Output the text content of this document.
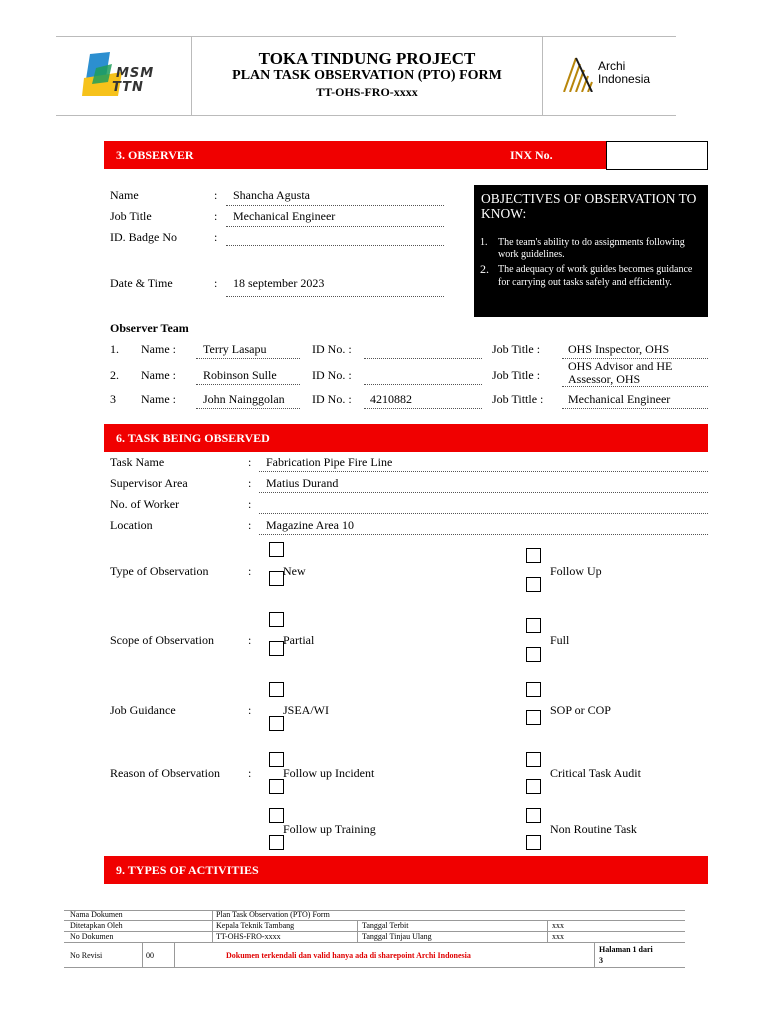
MSM
TTN
TOKA TINDUNG PROJECT
PLAN TASK OBSERVATION (PTO) FORM
TT-OHS-FRO-xxxx
Archi
Indonesia
3. OBSERVER	INX No.
Name	: Shancha Agusta
Job Title	: Mechanical Engineer
ID. Badge No	:
Date & Time	: 18 september 2023
OBJECTIVES OF OBSERVATION TO KNOW:
1. The team's ability to do assignments following work guidelines.
2. The adequacy of work guides becomes guidance for carrying out tasks safely and efficiently.
Observer Team
1. Name : Terry Lasapu	ID No. :	Job Title : OHS Inspector, OHS
2. Name : Robinson Sulle	ID No. :	Job Title :
OHS Advisor and HE Assessor, OHS
3 Name : John Nainggolan ID No. : 4210882	Job Tittle : Mechanical Engineer
6. TASK BEING OBSERVED
Task Name	: Fabrication Pipe Fire Line
Supervisor Area	: Matius Durand
No. of Worker	:
Location	: Magazine Area 10
Type of Observation	:	New	Follow Up
Scope of Observation	:	Partial	Full
Job Guidance	:	JSEA/WI	SOP or COP
Reason of Observation :	Follow up Incident	Critical Task Audit
Follow up Training	Non Routine Task
9. TYPES OF ACTIVITIES
Nama Dokumen	Plan Task Observation (PTO) Form
Ditetapkan Oleh	Kepala Teknik Tambang	Tanggal Terbit	xxx
No Dokumen	TT-OHS-FRO-xxxx	Tanggal Tinjau Ulang	xxx
No Revisi	00	Dokumen terkendali dan valid hanya ada di sharepoint Archi Indonesia
Halaman 1 dari
3
